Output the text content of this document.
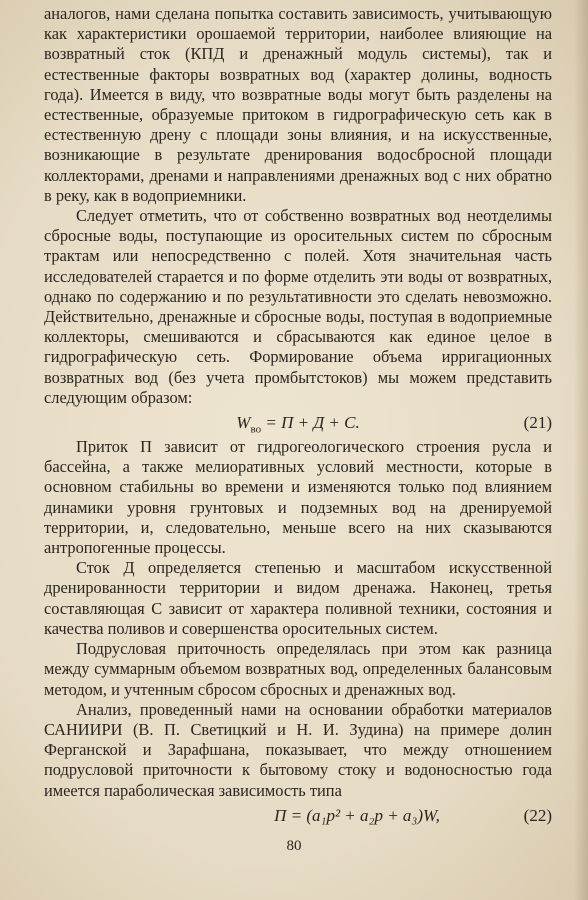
аналогов, нами сделана попытка составить зависимость, учитывающую как характеристики орошаемой территории, наиболее влияющие на возвратный сток (КПД и дренажный модуль системы), так и естественные факторы возвратных вод (характер долины, водность года). Имеется в виду, что возвратные воды могут быть разделены на естественные, образуемые притоком в гидрографическую сеть как в естественную дрену с площади зоны влияния, и на искусственные, возникающие в результате дренирования водосбросной площади коллекторами, дренами и направлениями дренажных вод с них обратно в реку, как в водоприемники.

Следует отметить, что от собственно возвратных вод неотделимы сбросные воды, поступающие из оросительных систем по сбросным трактам или непосредственно с полей. Хотя значительная часть исследователей старается и по форме отделить эти воды от возвратных, однако по содержанию и по результативности это сделать невозможно. Действительно, дренажные и сбросные воды, поступая в водоприемные коллекторы, смешиваются и сбрасываются как единое целое в гидрографическую сеть. Формирование объема ирригационных возвратных вод (без учета промбытстоков) мы можем представить следующим образом:

$W_{во} = П + Д + С$.	(21)

Приток П зависит от гидрогеологического строения русла и бассейна, а также мелиоративных условий местности, которые в основном стабильны во времени и изменяются только под влиянием динамики уровня грунтовых и подземных вод на дренируемой территории, и, следовательно, меньше всего на них сказываются антропогенные процессы.

Сток Д определяется степенью и масштабом искусственной дренированности территории и видом дренажа. Наконец, третья составляющая С зависит от характера поливной техники, состояния и качества поливов и совершенства оросительных систем.

Подрусловая приточность определялась при этом как разница между суммарным объемом возвратных вод, определенных балансовым методом, и учтенным сбросом сбросных и дренажных вод.

Анализ, проведенный нами на основании обработки материалов САНИИРИ (В. П. Светицкий и Н. И. Зудина) на примере долин Ферганской и Зарафшана, показывает, что между отношением подрусловой приточности к бытовому стоку и водоносностью года имеется параболическая зависимость типа

П = (a₁p² + a₂p + a₃)W,	(22)
80
